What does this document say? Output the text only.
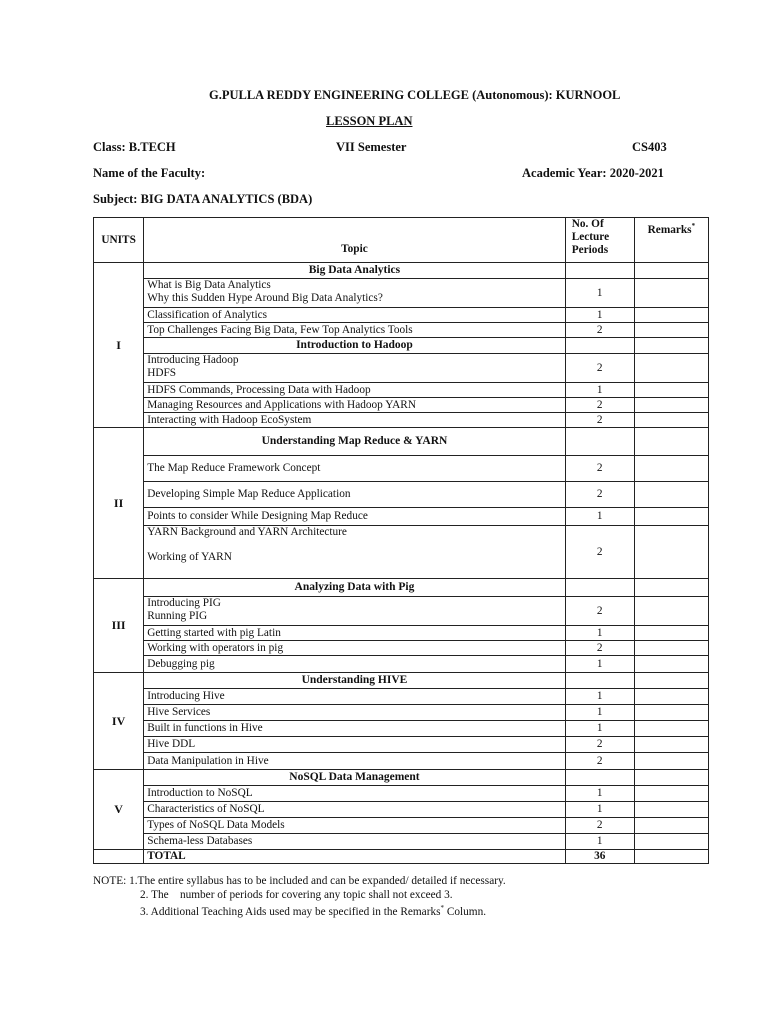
G.PULLA REDDY ENGINEERING COLLEGE (Autonomous): KURNOOL
LESSON PLAN
Class: B.TECH	VII Semester	CS403
Name of the Faculty:	Academic Year: 2020-2021
Subject: BIG DATA ANALYTICS (BDA)
UNITS	Topic	No. Of
Lecture
Periods	Remarks*
I	Big Data Analytics		

	What is Big Data Analytics
Why this Sudden Hype Around Big Data Analytics?	1	

	Classification of Analytics	1	

	Top Challenges Facing Big Data, Few Top Analytics Tools	2	
	Introduction to Hadoop		

	Introducing Hadoop
HDFS	2	

	HDFS Commands, Processing Data with Hadoop	1	

	Managing Resources and Applications with Hadoop YARN	2	

	Interacting with Hadoop EcoSystem	2	
II	Understanding Map Reduce & YARN		

	The Map Reduce Framework Concept	2	

	Developing Simple Map Reduce Application	2	

	Points to consider While Designing Map Reduce	1	

	YARN Background and YARN Architecture
Working of YARN	2	
III	Analyzing Data with Pig		

	Introducing PIG
Running PIG	2	

	Getting started with pig Latin	1	

	Working with operators in pig	2	

	Debugging pig	1	
IV	Understanding HIVE		

	Introducing Hive	1	

	Hive Services	1	

	Built in functions in Hive	1	

	Hive DDL	2	

	Data Manipulation in Hive	2	
V	NoSQL Data Management		

	Introduction to NoSQL	1	

	Characteristics of NoSQL	1	

	Types of NoSQL Data Models	2	

	Schema-less Databases	1	
	TOTAL	36	
NOTE: 1.The entire syllabus has to be included and can be expanded/ detailed if necessary.
2. The    number of periods for covering any topic shall not exceed 3.
3. Additional Teaching Aids used may be specified in the Remarks* Column.
